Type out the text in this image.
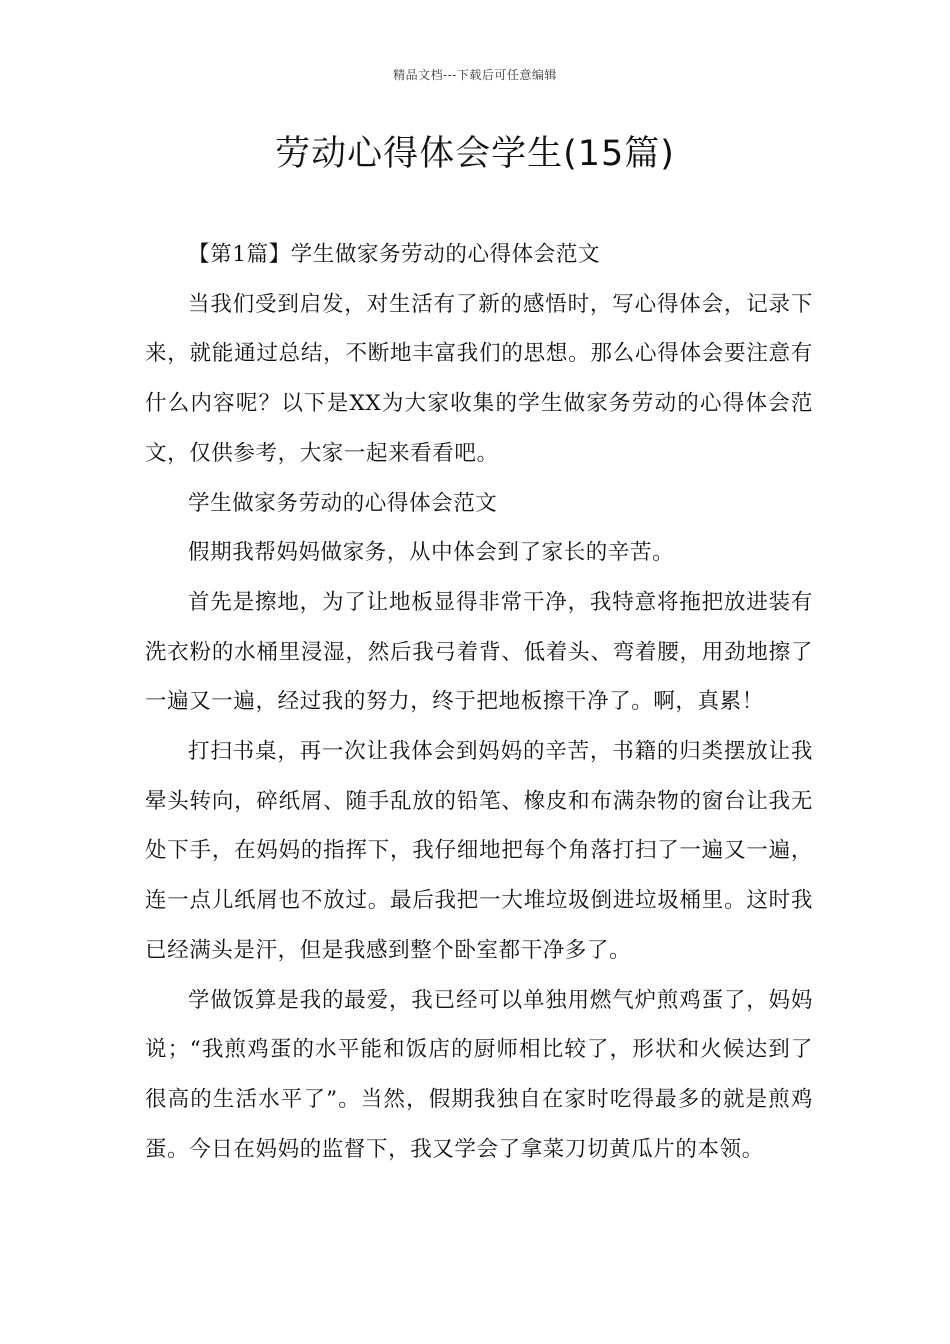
精品文档---下载后可任意编辑
劳动心得体会学生(15篇)

【第1篇】学生做家务劳动的心得体会范文

当我们受到启发，对生活有了新的感悟时，写心得体会，记录下来，就能通过总结，不断地丰富我们的思想。那么心得体会要注意有什么内容呢？以下是XX为大家收集的学生做家务劳动的心得体会范文，仅供参考，大家一起来看看吧。

学生做家务劳动的心得体会范文

假期我帮妈妈做家务，从中体会到了家长的辛苦。

首先是擦地，为了让地板显得非常干净，我特意将拖把放进装有洗衣粉的水桶里浸湿，然后我弓着背、低着头、弯着腰，用劲地擦了一遍又一遍，经过我的努力，终于把地板擦干净了。啊，真累！

打扫书桌，再一次让我体会到妈妈的辛苦，书籍的归类摆放让我晕头转向，碎纸屑、随手乱放的铅笔、橡皮和布满杂物的窗台让我无处下手，在妈妈的指挥下，我仔细地把每个角落打扫了一遍又一遍，连一点儿纸屑也不放过。最后我把一大堆垃圾倒进垃圾桶里。这时我已经满头是汗，但是我感到整个卧室都干净多了。

学做饭算是我的最爱，我已经可以单独用燃气炉煎鸡蛋了，妈妈说；“我煎鸡蛋的水平能和饭店的厨师相比较了，形状和火候达到了很高的生活水平了”。当然，假期我独自在家时吃得最多的就是煎鸡蛋。今日在妈妈的监督下，我又学会了拿菜刀切黄瓜片的本领。
